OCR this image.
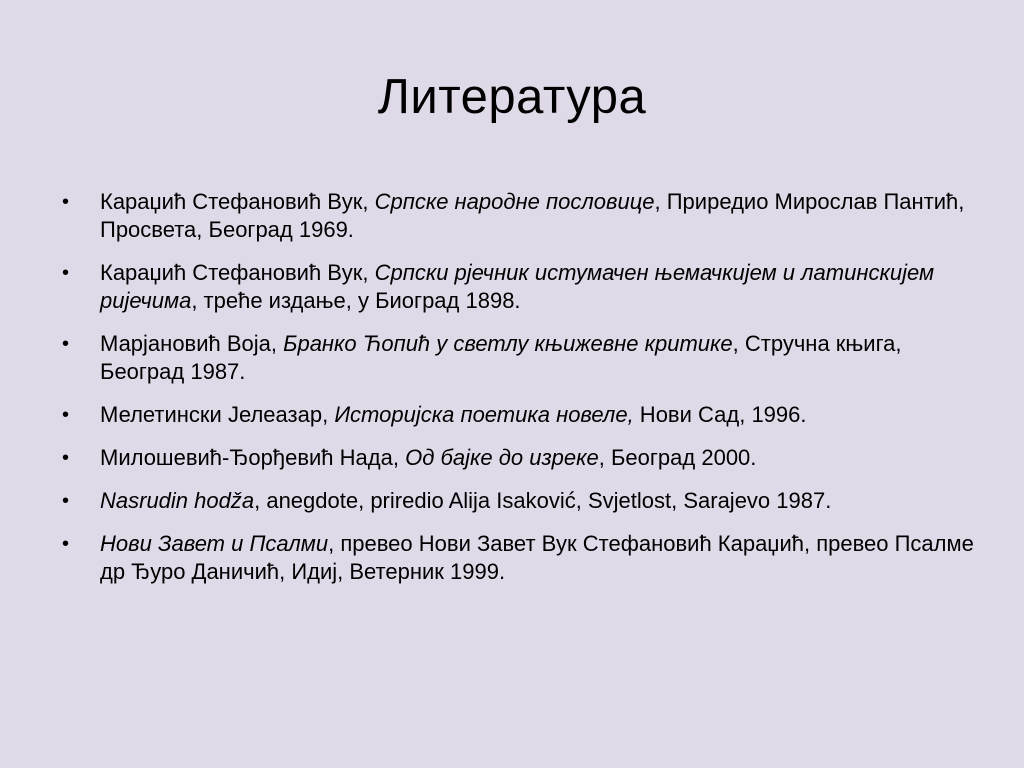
Литература
• Караџић Стефановић Вук, Српске народне пословице, Приредио Мирослав Пантић, Просвета, Београд 1969.
• Караџић Стефановић Вук, Српски рјечник истумачен њемачкијем и латинскијем ријечима, треће издање, у Биоград 1898.
• Марјановић Воја, Бранко Ћопић у светлу књижевне критике, Стручна књига, Београд 1987.
• Мелетински Јелеазар, Историјска поетика новеле, Нови Сад, 1996.
• Милошевић-Ђорђевић Нада, Од бајке до изреке, Београд 2000.
• Nasrudin hodža, anegdote, priredio Alija Isaković, Svjetlost, Sarajevo 1987.
• Нови Завет и Псалми, превео Нови Завет Вук Стефановић Караџић, превео Псалме др Ђуро Даничић, Идиј, Ветерник 1999.
